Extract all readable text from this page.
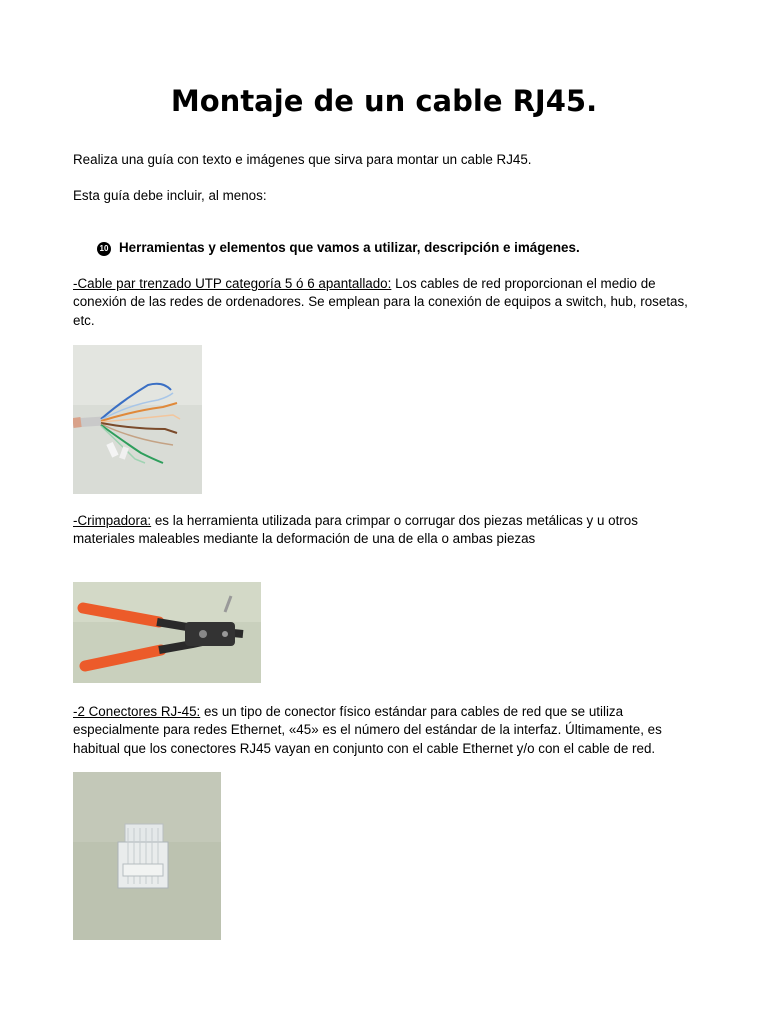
Montaje de un cable RJ45.

Realiza una guía con texto e imágenes que sirva para montar un cable RJ45.

Esta guía debe incluir, al menos:

10 Herramientas y elementos que vamos a utilizar, descripción e imágenes.

-Cable par trenzado UTP categoría 5 ó 6 apantallado: Los cables de red proporcionan el medio de conexión de las redes de ordenadores. Se emplean para la conexión de equipos a switch, hub, rosetas, etc.

-Crimpadora: es la herramienta utilizada para crimpar o corrugar dos piezas metálicas y u otros materiales maleables mediante la deformación de una de ella o ambas piezas

-2 Conectores RJ-45: es un tipo de conector físico estándar para cables de red que se utiliza especialmente para redes Ethernet, «45» es el número del estándar de la interfaz. Últimamente, es habitual que los conectores RJ45 vayan en conjunto con el cable Ethernet y/o con el cable de red.
